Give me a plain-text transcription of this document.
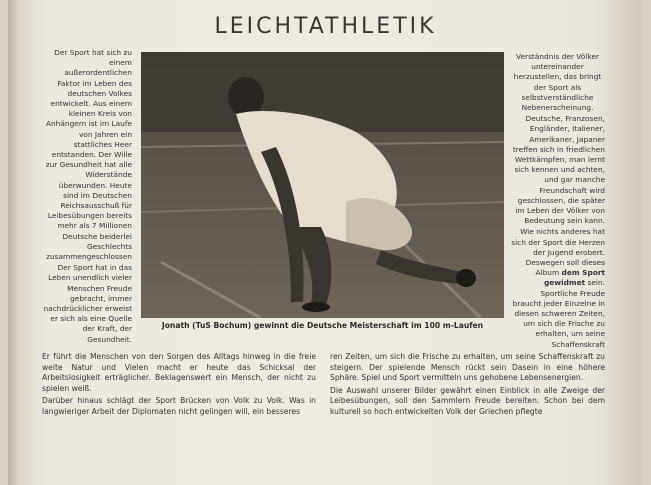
LEICHTATHLETIK

Der Sport hat sich zu einem außerordentlichen Faktor im Leben des deutschen Volkes entwickelt. Aus einem kleinen Kreis von Anhängern ist im Laufe von Jahren ein stattliches Heer entstanden. Der Wille zur Gesundheit hat alle Widerstände überwunden. Heute sind im Deutschen Reichsausschuß für Leibesübungen bereits mehr als 7 Millionen Deutsche beiderlei Geschlechts zusammengeschlossen

Der Sport hat in das Leben unendlich vieler Menschen Freude gebracht, immer nachdrücklicher erweist er sich als eine Quelle der Kraft, der Gesundheit.

Jonath (TuS Bochum) gewinnt die Deutsche Meisterschaft im 100 m-Laufen

Verständnis der Völker untereinander herzustellen, das bringt der Sport als selbstverständliche Nebenerscheinung.

Deutsche, Franzosen, Engländer, Italiener, Amerikaner, Japaner treffen sich in friedlichen Wettkämpfen, man lernt sich kennen und achten, und gar manche Freundschaft wird geschlossen, die später im Leben der Völker von Bedeutung sein kann.

Wie nichts anderes hat sich der Sport die Herzen der Jugend erobert. Deswegen soll dieses Album dem Sport gewidmet sein. Sportliche Freude braucht jeder Einzelne in diesen schweren Zeiten, um sich die Frische zu erhalten, um seine Schaffenskraft

Er führt die Menschen von den Sorgen des Alltags hinweg in die freie weite Natur und Vielen macht er heute das Schicksal der Arbeitslosigkeit erträglicher. Beklagenswert ein Mensch, der nicht zu spielen weiß.

Darüber hinaus schlägt der Sport Brücken von Volk zu Volk. Was in langwieriger Arbeit der Diplomaten nicht gelingen will, ein besseres

ren Zeiten, um sich die Frische zu erhalten, um seine Schaffenskraft zu steigern. Der spielende Mensch rückt sein Dasein in eine höhere Sphäre. Spiel und Sport vermitteln uns gehobene Lebensenergien.

Die Auswahl unserer Bilder gewährt einen Einblick in alle Zweige der Leibesübungen, soll den Sammlern Freude bereiten. Schon bei dem kulturell so hoch entwickelten Volk der Griechen pflegte
